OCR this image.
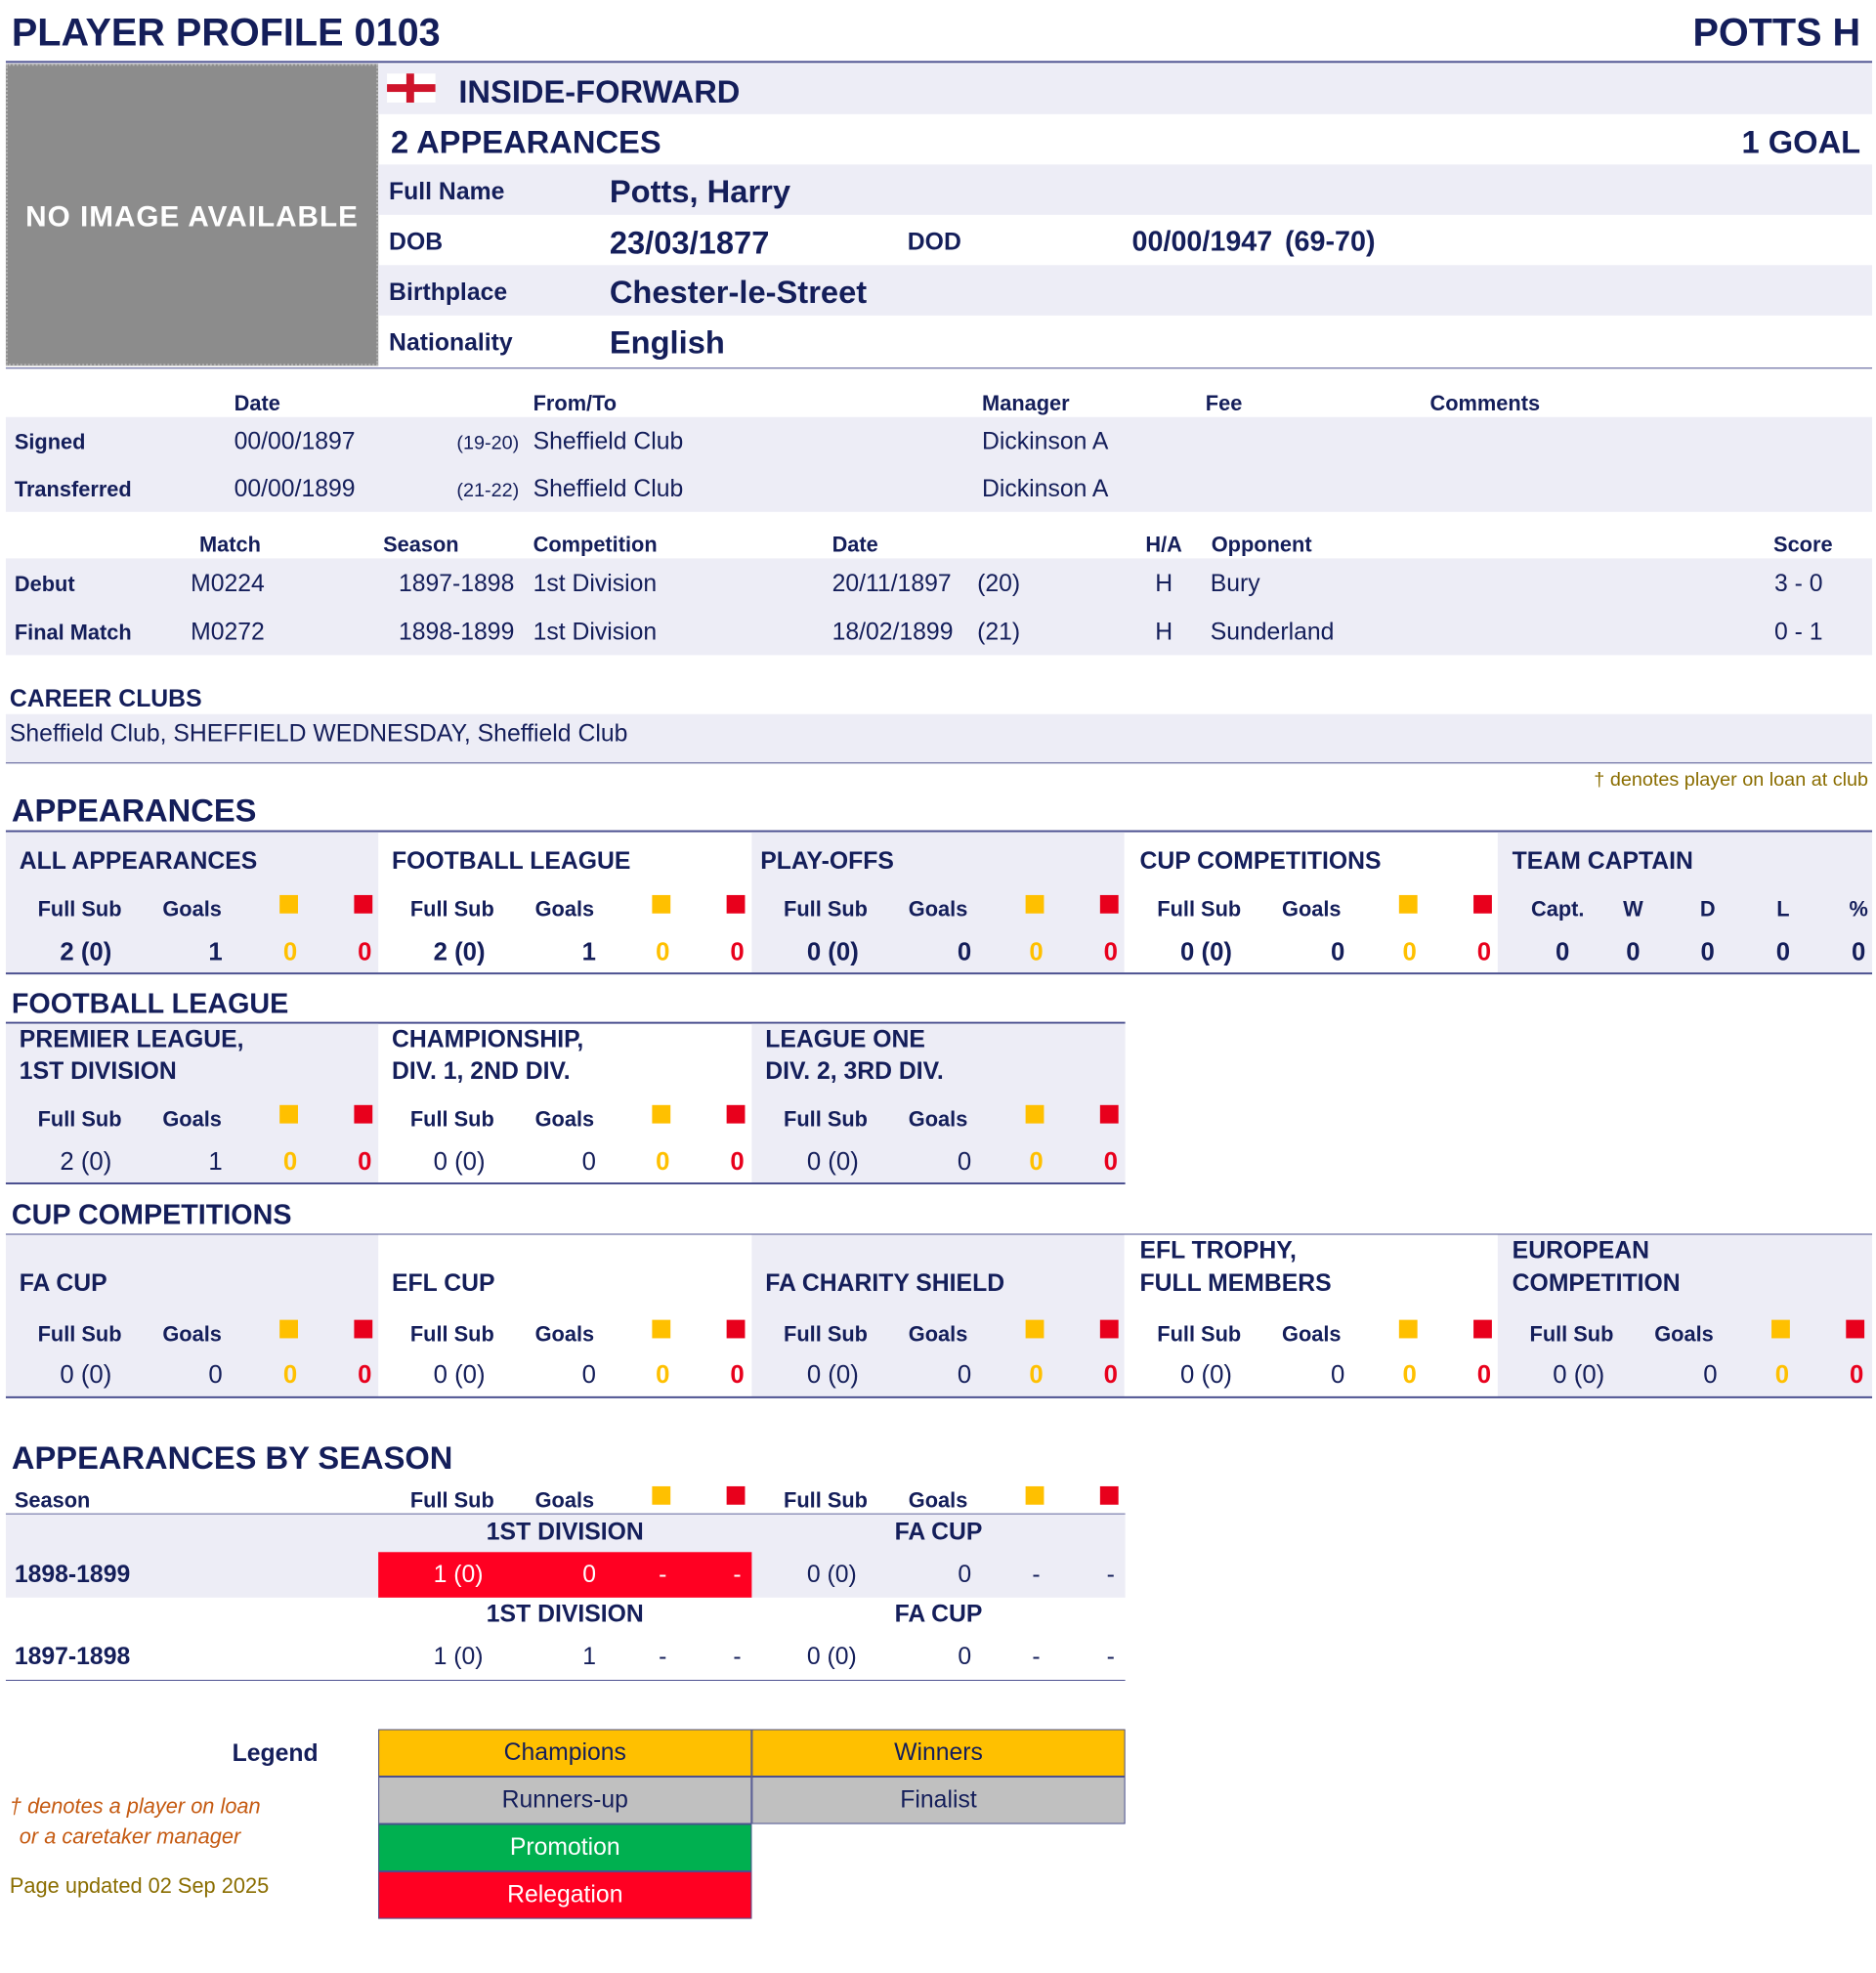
PLAYER PROFILE 0103	POTTS H
NO IMAGE AVAILABLE
INSIDE-FORWARD
2 APPEARANCES	1 GOAL
Full Name	Potts, Harry
DOB	23/03/1877	DOD	00/00/1947 (69-70)
Birthplace	Chester-le-Street
Nationality	English
Date	From/To	Manager	Fee	Comments
Signed	00/00/1897	(19-20) Sheffield Club	Dickinson A
Transferred	00/00/1899	(21-22) Sheffield Club	Dickinson A
Match	Season	Competition	Date	H/A Opponent	Score
Debut	M0224	1897-1898 1st Division	20/11/1897 (20)	H Bury	3 - 0
Final Match M0272	1898-1899 1st Division	18/02/1899 (21)	H Sunderland	0 - 1
CAREER CLUBS
Sheffield Club, SHEFFIELD WEDNESDAY, Sheffield Club
† denotes player on loan at club
APPEARANCES
ALL APPEARANCES
Full Sub Goals
2 (0)	1 0 0
FOOTBALL LEAGUE
Full Sub Goals
2 (0)	1 0 0
PLAY-OFFS
Full Sub Goals
0 (0)	0 0 0
CUP COMPETITIONS
Full Sub Goals
0 (0)	0 0 0
TEAM CAPTAIN
Capt.	W	D	L	%
0 0 0 0 0
FOOTBALL LEAGUE
PREMIER LEAGUE,
1ST DIVISION
Full Sub Goals
2 (0)	1 0 0
CHAMPIONSHIP,
DIV. 1, 2ND DIV.
Full Sub Goals
0 (0)	0 0 0
LEAGUE ONE
DIV. 2, 3RD DIV.
Full Sub Goals
0 (0)	0 0 0
CUP COMPETITIONS
FA CUP
Full Sub Goals
0 (0)	0 0 0
EFL CUP
Full Sub Goals
0 (0)	0 0 0
FA CHARITY SHIELD
Full Sub Goals
0 (0)	0 0 0
EFL TROPHY,
FULL MEMBERS
Full Sub Goals
0 (0)	0 0 0
EUROPEAN
COMPETITION
Full Sub Goals
0 (0)	0 0 0
APPEARANCES BY SEASON
Season	Full Sub Goals	Full Sub Goals
1ST DIVISION	FA CUP
1898-1899	1 (0)	0	-	-	0 (0)	0	-	-
1ST DIVISION	FA CUP
1897-1898	1 (0)	1	-	-	0 (0)	0	-	-
Legend	Champions	Winners
Runners-up	Finalist
Promotion
Relegation
† denotes a player on loan
or a caretaker manager
Page updated 02 Sep 2025
